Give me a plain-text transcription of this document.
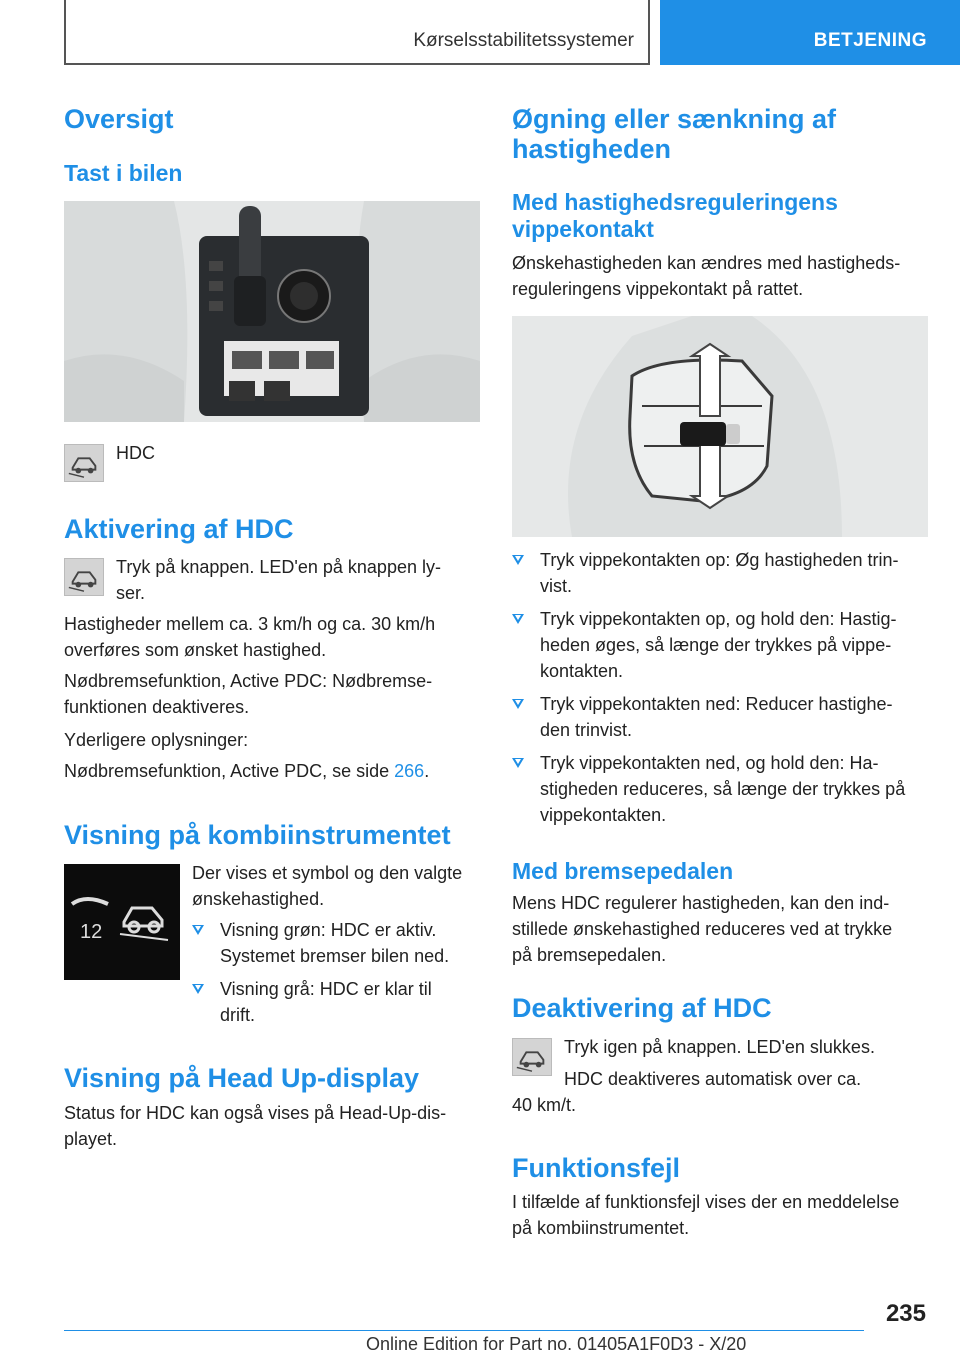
Kørselsstabilitetssystemer	BETJENING
Oversigt
Tast i bilen
HDC
Aktivering af HDC
Tryk på knappen. LED'en på knappen ly-
ser.
Hastigheder mellem ca. 3 km/h og ca. 30 km/h
overføres som ønsket hastighed.
Nødbremsefunktion, Active PDC: Nødbremse-
funktionen deaktiveres.
Yderligere oplysninger:
Nødbremsefunktion, Active PDC, se side 266.
Visning på kombiinstrumentet
12
Der vises et symbol og den valgte
ønskehastighed.
Visning grøn: HDC er aktiv.
Systemet bremser bilen ned.
Visning grå: HDC er klar til
drift.
Visning på Head Up-display
Status for HDC kan også vises på Head-Up-dis-
playet.
Øgning eller sænkning af
hastigheden
Med hastighedsreguleringens
vippekontakt
Ønskehastigheden kan ændres med hastigheds-
reguleringens vippekontakt på rattet.
Tryk vippekontakten op: Øg hastigheden trin-
vist.
Tryk vippekontakten op, og hold den: Hastig-
heden øges, så længe der trykkes på vippe-
kontakten.
Tryk vippekontakten ned: Reducer hastighe-
den trinvist.
Tryk vippekontakten ned, og hold den: Ha-
stigheden reduceres, så længe der trykkes på
vippekontakten.
Med bremsepedalen
Mens HDC regulerer hastigheden, kan den ind-
stillede ønskehastighed reduceres ved at trykke
på bremsepedalen.
Deaktivering af HDC
Tryk igen på knappen. LED'en slukkes.
HDC deaktiveres automatisk over ca.
40 km/t.
Funktionsfejl
I tilfælde af funktionsfejl vises der en meddelelse
på kombiinstrumentet.
235
Online Edition for Part no. 01405A1F0D3 - X/20
